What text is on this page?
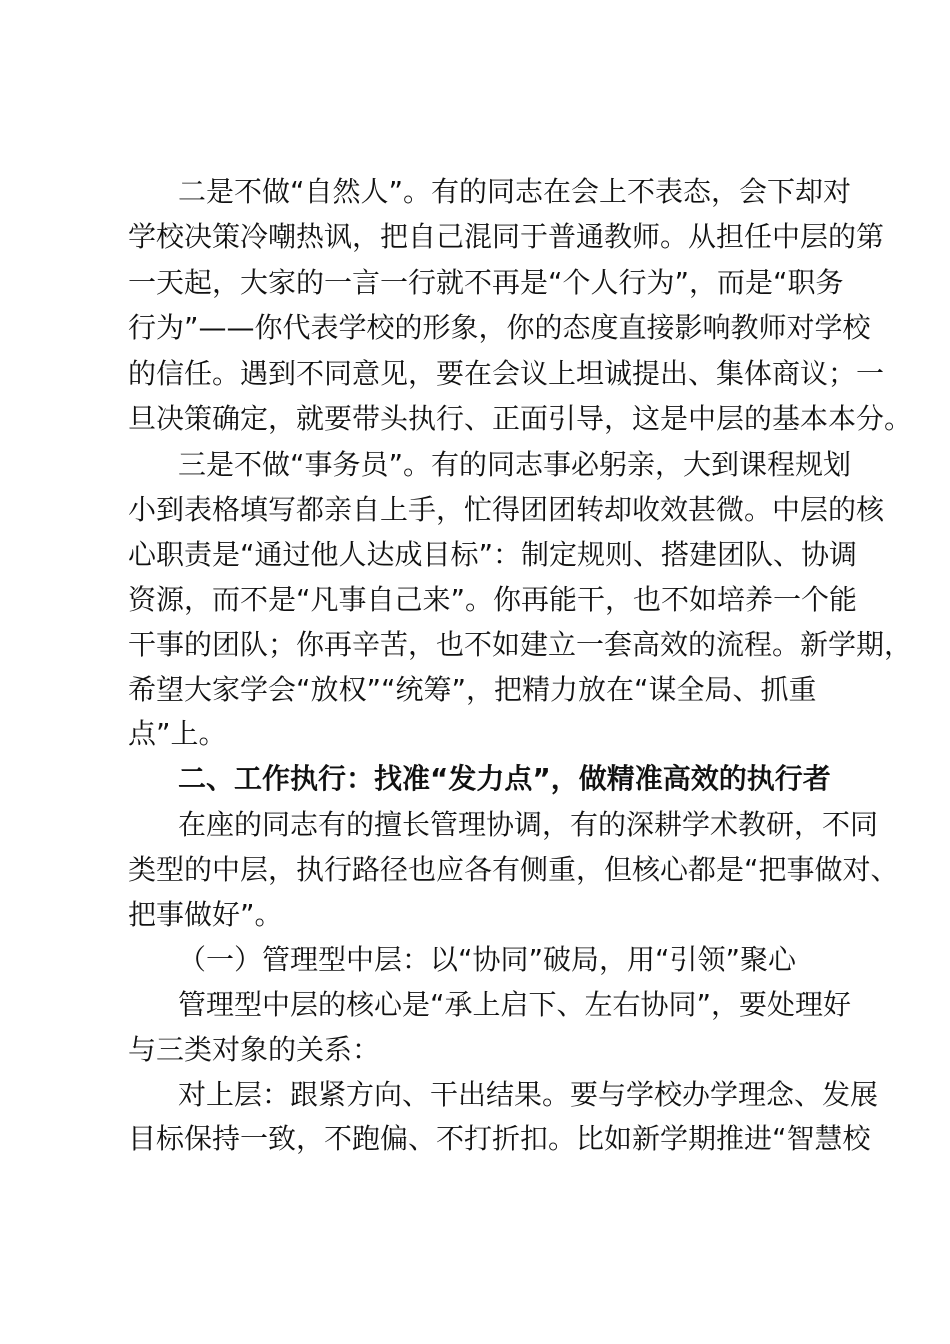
二是不做“自然人”。有的同志在会上不表态，会下却对
学校决策冷嘲热讽，把自己混同于普通教师。从担任中层的第
一天起，大家的一言一行就不再是“个人行为”，而是“职务
行为”——你代表学校的形象，你的态度直接影响教师对学校
的信任。遇到不同意见，要在会议上坦诚提出、集体商议；一
旦决策确定，就要带头执行、正面引导，这是中层的基本本分。
三是不做“事务员”。有的同志事必躬亲，大到课程规划
小到表格填写都亲自上手，忙得团团转却收效甚微。中层的核
心职责是“通过他人达成目标”：制定规则、搭建团队、协调
资源，而不是“凡事自己来”。你再能干，也不如培养一个能
干事的团队；你再辛苦，也不如建立一套高效的流程。新学期，
希望大家学会“放权”“统筹”，把精力放在“谋全局、抓重
点”上。
二、工作执行：找准“发力点”，做精准高效的执行者
在座的同志有的擅长管理协调，有的深耕学术教研，不同
类型的中层，执行路径也应各有侧重，但核心都是“把事做对、
把事做好”。
（一）管理型中层：以“协同”破局，用“引领”聚心
管理型中层的核心是“承上启下、左右协同”，要处理好
与三类对象的关系：
对上层：跟紧方向、干出结果。要与学校办学理念、发展
目标保持一致，不跑偏、不打折扣。比如新学期推进“智慧校
